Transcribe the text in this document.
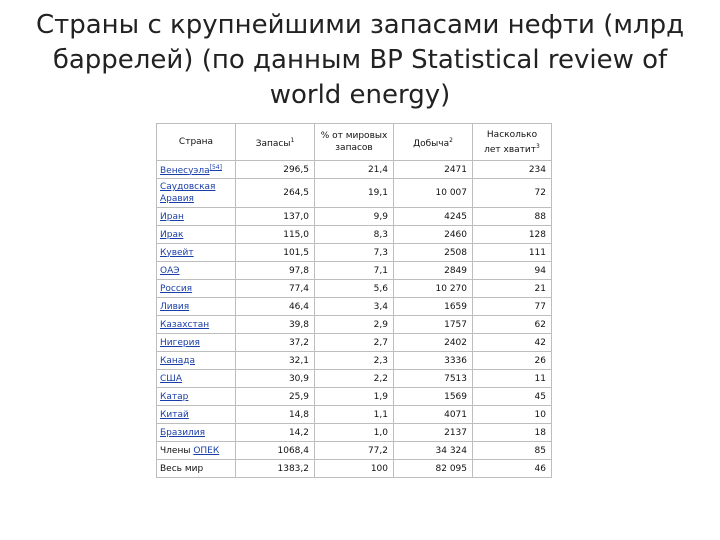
Страны с крупнейшими запасами нефти (млрд баррелей) (по данным BP Statistical review of world energy)
Страна	Запасы$^1$	% от мировых запасов	Добыча$^2$	Насколько лет хватит$^3$
Венесуэла[54]	296,5	21,4	2471	234
Саудовская Аравия	264,5	19,1	10 007	72
Иран	137,0	9,9	4245	88
Ирак	115,0	8,3	2460	128
Кувейт	101,5	7,3	2508	111
ОАЭ	97,8	7,1	2849	94
Россия	77,4	5,6	10 270	21
Ливия	46,4	3,4	1659	77
Казахстан	39,8	2,9	1757	62
Нигерия	37,2	2,7	2402	42
Канада	32,1	2,3	3336	26
США	30,9	2,2	7513	11
Катар	25,9	1,9	1569	45
Китай	14,8	1,1	4071	10
Бразилия	14,2	1,0	2137	18
Члены ОПЕК	1068,4	77,2	34 324	85
Весь мир	1383,2	100	82 095	46
